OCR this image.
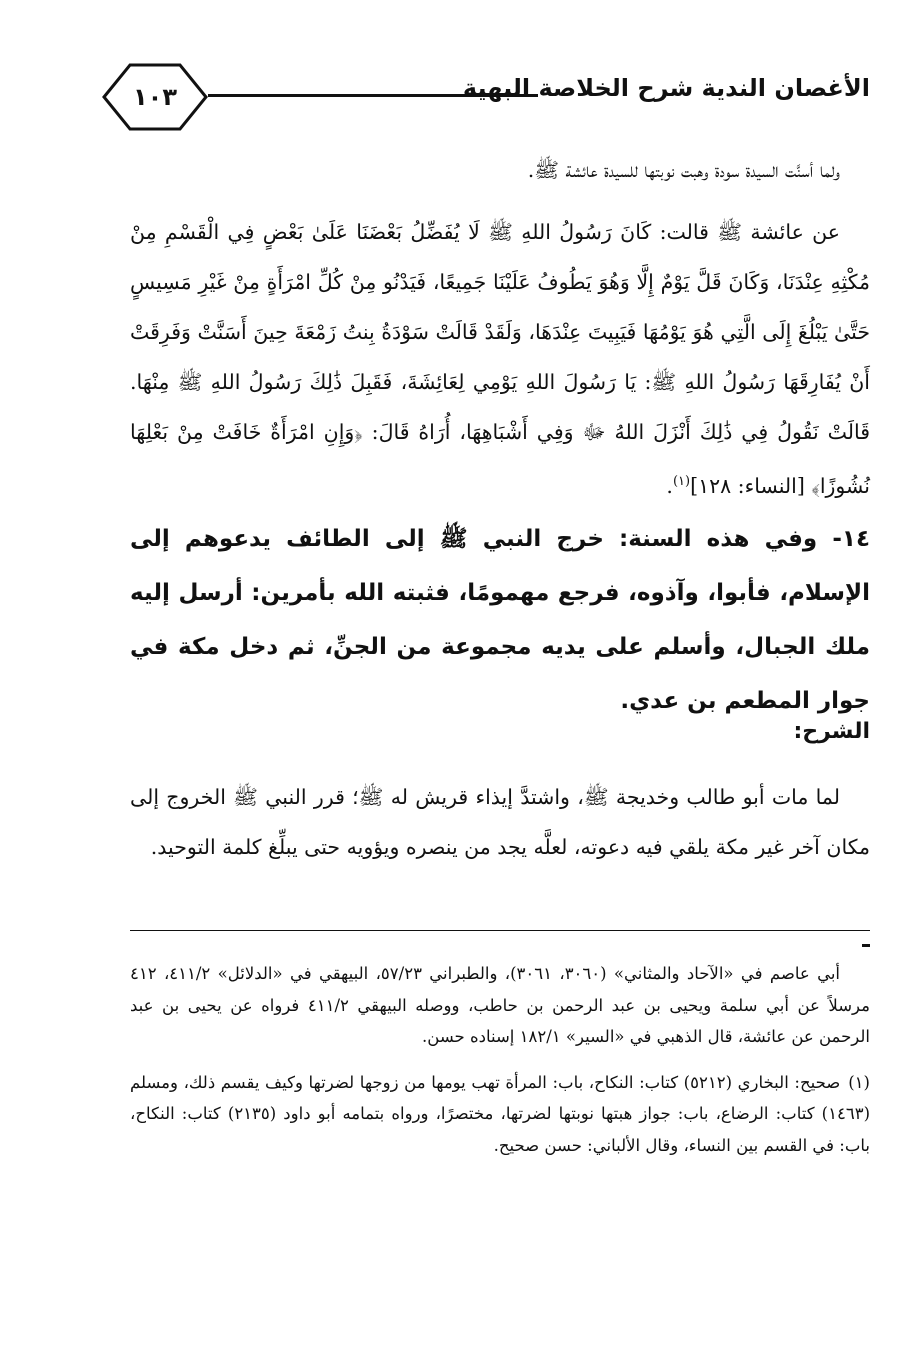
١٠٣	الأغصان الندية شرح الخلاصة البهية

ولما أسنَّت السيدة سودة وهبت نوبتها للسيدة عائشة ﷺ.

عن عائشة ﷺ قالت: كَانَ رَسُولُ اللهِ ﷺ لَا يُفَضِّلُ بَعْضَنَا عَلَىٰ بَعْضٍ فِي الْقَسْمِ مِنْ مُكْثِهِ عِنْدَنَا، وَكَانَ قَلَّ يَوْمٌ إِلَّا وَهُوَ يَطُوفُ عَلَيْنَا جَمِيعًا، فَيَدْنُو مِنْ كُلِّ امْرَأَةٍ مِنْ غَيْرِ مَسِيسٍ حَتَّىٰ يَبْلُغَ إِلَى الَّتِي هُوَ يَوْمُهَا فَيَبِيتَ عِنْدَهَا، وَلَقَدْ قَالَتْ سَوْدَةُ بِنتُ زَمْعَةَ حِينَ أَسَنَّتْ وَفَرِقَتْ أَنْ يُفَارِقَهَا رَسُولُ اللهِ ﷺ: يَا رَسُولَ اللهِ يَوْمِي لِعَائِشَةَ، فَقَبِلَ ذَٰلِكَ رَسُولُ اللهِ ﷺ مِنْهَا. قَالَتْ نَقُولُ فِي ذَٰلِكَ أَنْزَلَ اللهُ ﷻ وَفِي أَشْبَاهِهَا، أُرَاهُ قَالَ: ﴿وَإِنِ امْرَأَةٌ خَافَتْ مِنْ بَعْلِهَا نُشُوزًا﴾ [النساء: ١٢٨]$^{(١)}$.

١٤- وفي هذه السنة: خرج النبي ﷺ إلى الطائف يدعوهم إلى الإسلام، فأبوا، وآذوه، فرجع مهمومًا، فثبته الله بأمرين: أرسل إليه ملك الجبال، وأسلم على يديه مجموعة من الجنِّ، ثم دخل مكة في جوار المطعم بن عدي.

الشرح:

لما مات أبو طالب وخديجة ﷺ، واشتدَّ إيذاء قريش له ﷺ؛ قرر النبي ﷺ الخروج إلى مكان آخر غير مكة يلقي فيه دعوته، لعلَّه يجد من ينصره ويؤويه حتى يبلِّغ كلمة التوحيد.

أبي عاصم في «الآحاد والمثاني» (٣٠٦٠، ٣٠٦١)، والطبراني ٥٧/٢٣، البيهقي في «الدلائل» ٤١١/٢، ٤١٢ مرسلاً عن أبي سلمة ويحيى بن عبد الرحمن بن حاطب، ووصله البيهقي ٤١١/٢ فرواه عن يحيى بن عبد الرحمن عن عائشة، قال الذهبي في «السير» ١٨٢/١ إسناده حسن.

(١)صحيح: البخاري (٥٢١٢) كتاب: النكاح، باب: المرأة تهب يومها من زوجها لضرتها وكيف يقسم ذلك، ومسلم (١٤٦٣) كتاب: الرضاع، باب: جواز هبتها نوبتها لضرتها، مختصرًا، ورواه بتمامه أبو داود (٢١٣٥) كتاب: النكاح، باب: في القسم بين النساء، وقال الألباني: حسن صحيح.
